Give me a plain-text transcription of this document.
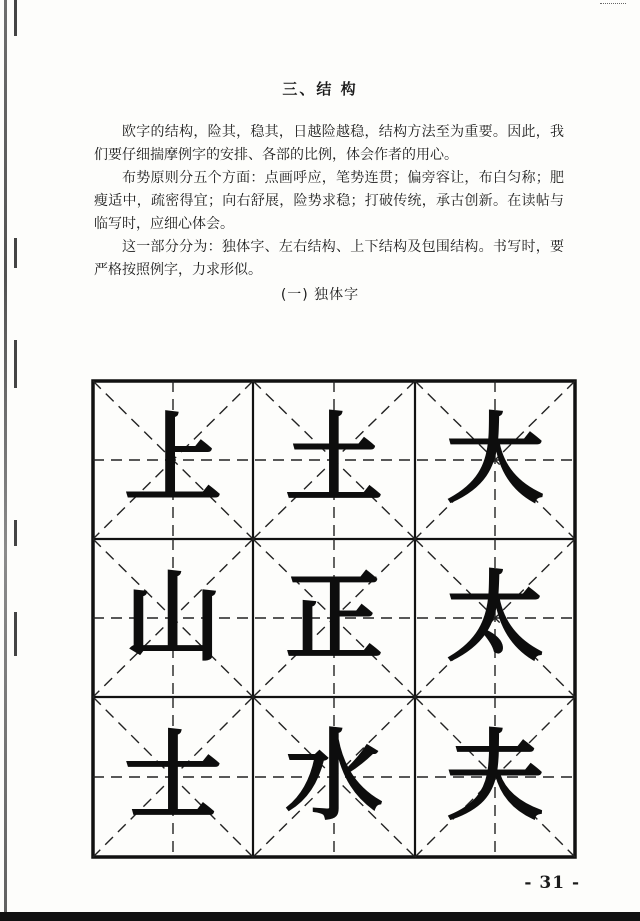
三、结 构

欧字的结构，险其，稳其，日越险越稳，结构方法至为重要。因此，我们要仔细揣摩例字的安排、各部的比例，体会作者的用心。

布势原则分五个方面：点画呼应，笔势连贯；偏旁容让，布白匀称；肥瘦适中，疏密得宜；向右舒展，险势求稳；打破传统，承古创新。在读帖与临写时，应细心体会。

这一部分分为：独体字、左右结构、上下结构及包围结构。书写时，要严格按照例字，力求形似。

(一) 独体字
上 土 大
山 正 太
士 水 夫
- 31 -
